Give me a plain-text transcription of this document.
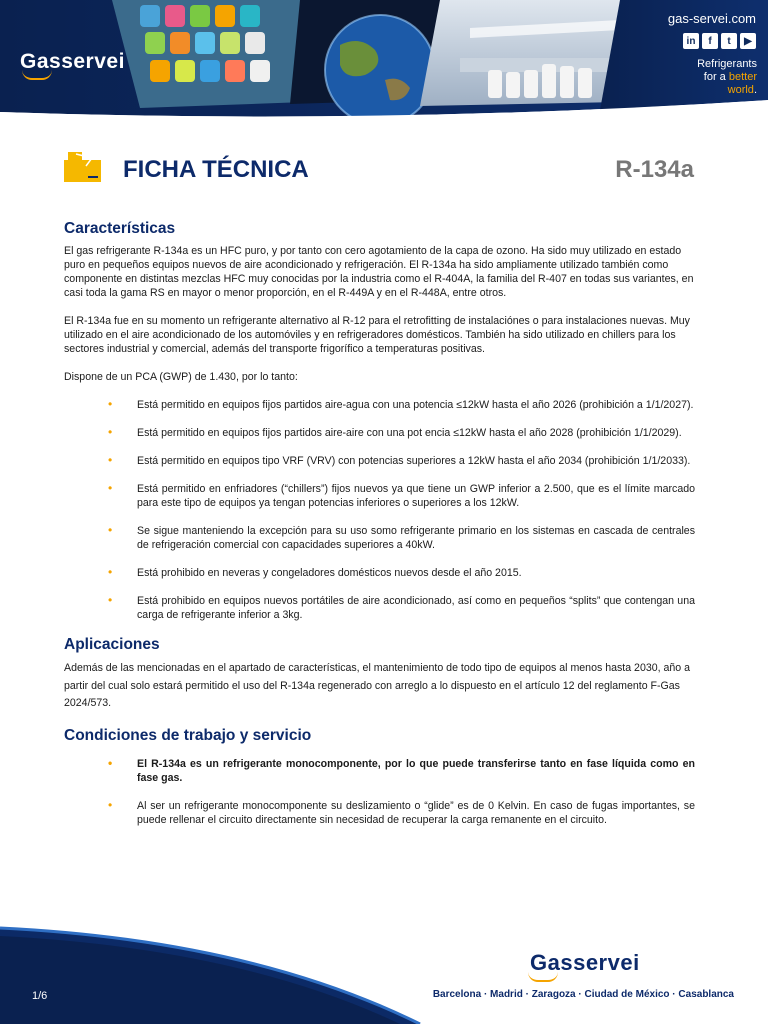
Gasservei
gas-servei.com
in	f	t	▶
Refrigerants
for a better
world.
FICHA TÉCNICA	R-134a
Características

El gas refrigerante R-134a es un HFC puro, y por tanto con cero agotamiento de la capa de ozono. Ha sido muy utilizado en estado puro en pequeños equipos nuevos de aire acondicionado y refrigeración. El R-134a ha sido ampliamente utilizado también como componente en distintas mezclas HFC muy conocidas por la industria como el R-404A, la familia del R-407 en todas sus variantes, en casi toda la gama RS en mayor o menor proporción, en el R-449A y en el R-448A, entre otros.

El R-134a fue en su momento un refrigerante alternativo al R-12 para el retrofitting de instalaciónes o para instalaciones nuevas. Muy utilizado en el aire acondicionado de los automóviles y en refrigeradores domésticos. También ha sido utilizado en chillers para los sectores industrial y comercial, además del transporte frigorífico a temperaturas positivas.

Dispone de un PCA (GWP) de 1.430, por lo tanto:

• Está permitido en equipos fijos partidos aire-agua con una potencia ≤12kW hasta el año 2026 (prohibición a 1/1/2027).
• Está permitido en equipos fijos partidos aire-aire con una pot encia ≤12kW hasta el año 2028 (prohibición 1/1/2029).
• Está permitido en equipos tipo VRF (VRV) con potencias superiores a 12kW hasta el año 2034 (prohibición 1/1/2033).
• Está permitido en enfriadores (“chillers”) fijos nuevos ya que tiene un GWP inferior a 2.500, que es el límite marcado para este tipo de equipos ya tengan potencias inferiores o superiores a los 12kW.
• Se sigue manteniendo la excepción para su uso somo refrigerante primario en los sistemas en cascada de centrales de refrigeración comercial con capacidades superiores a 40kW.
• Está prohibido en neveras y congeladores domésticos nuevos desde el año 2015.
• Está prohibido en equipos nuevos portátiles de aire acondicionado, así como en pequeños “splits” que contengan una carga de refrigerante inferior a 3kg.
Aplicaciones

Además de las mencionadas en el apartado de características, el mantenimiento de todo tipo de equipos al menos hasta 2030, año a partir del cual solo estará permitido el uso del R-134a regenerado con arreglo a lo dispuesto en el artículo 12 del reglamento F-Gas 2024/573.

Condiciones de trabajo y servicio
• El R-134a es un refrigerante monocomponente, por lo que puede transferirse tanto en fase líquida como en fase gas.
• Al ser un refrigerante monocomponente su deslizamiento o “glide” es de 0 Kelvin. En caso de fugas importantes, se puede rellenar el circuito directamente sin necesidad de recuperar la carga remanente en el circuito.
1/6
Gasservei
Barcelona · Madrid · Zaragoza · Ciudad de México · Casablanca
